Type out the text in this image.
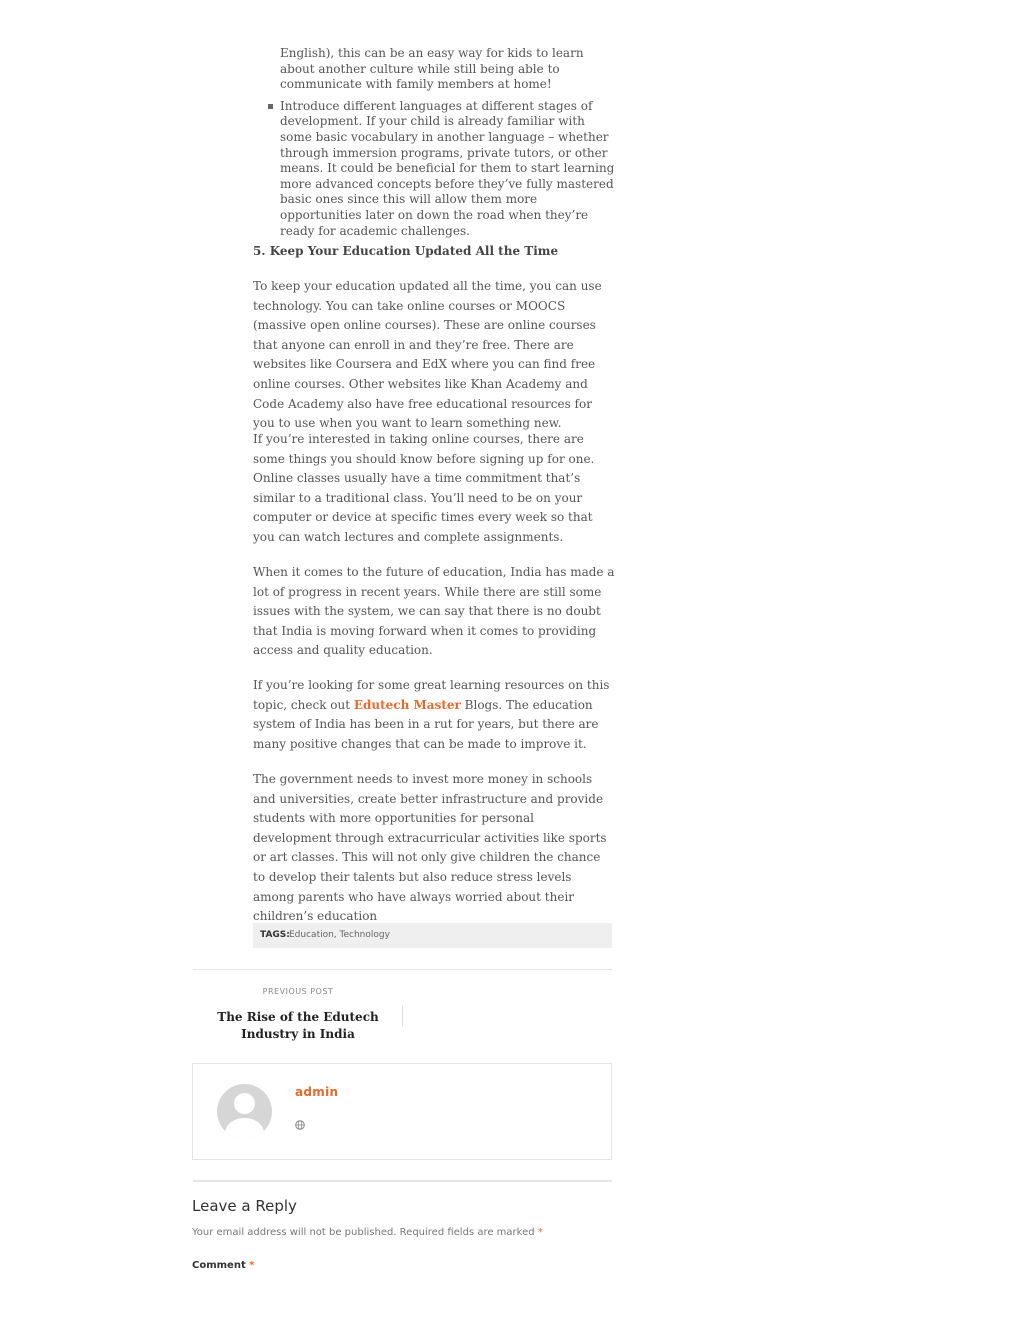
English), this can be an easy way for kids to learn about another culture while still being able to communicate with family members at home!

Introduce different languages at different stages of development. If your child is already familiar with some basic vocabulary in another language – whether through immersion programs, private tutors, or other means. It could be beneficial for them to start learning more advanced concepts before they’ve fully mastered basic ones since this will allow them more opportunities later on down the road when they’re ready for academic challenges.

5. Keep Your Education Updated All the Time

To keep your education updated all the time, you can use technology. You can take online courses or MOOCS (massive open online courses). These are online courses that anyone can enroll in and they’re free. There are websites like Coursera and EdX where you can find free online courses. Other websites like Khan Academy and Code Academy also have free educational resources for you to use when you want to learn something new.

If you’re interested in taking online courses, there are some things you should know before signing up for one. Online classes usually have a time commitment that’s similar to a traditional class. You’ll need to be on your computer or device at specific times every week so that you can watch lectures and complete assignments.

When it comes to the future of education, India has made a lot of progress in recent years. While there are still some issues with the system, we can say that there is no doubt that India is moving forward when it comes to providing access and quality education.

If you’re looking for some great learning resources on this topic, check out Edutech Master Blogs. The education system of India has been in a rut for years, but there are many positive changes that can be made to improve it.

The government needs to invest more money in schools and universities, create better infrastructure and provide students with more opportunities for personal development through extracurricular activities like sports or art classes. This will not only give children the chance to develop their talents but also reduce stress levels among parents who have always worried about their children’s education

TAGS: Education, Technology
PREVIOUS POST
The Rise of the Edutech Industry in India
admin
Leave a Reply
Your email address will not be published. Required fields are marked *
Comment *
